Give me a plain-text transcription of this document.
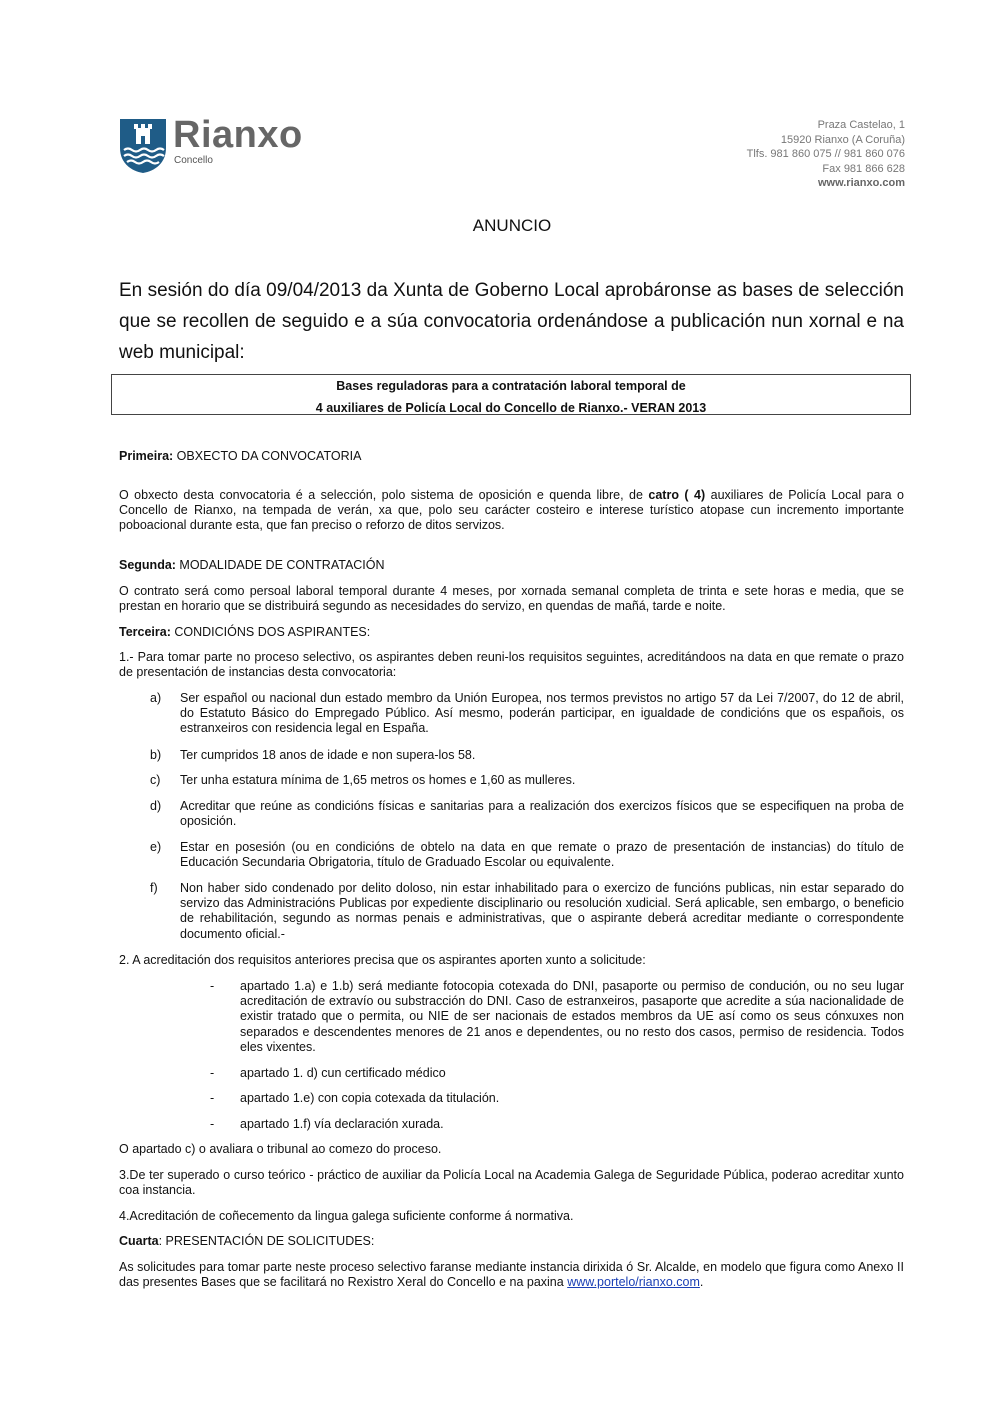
Rianxo
Concello
Praza Castelao, 1
15920 Rianxo (A Coruña)
Tlfs. 981 860 075 // 981 860 076
Fax 981 866 628
www.rianxo.com
ANUNCIO
En sesión do día 09/04/2013 da Xunta de Goberno Local aprobáronse as bases de selección que se recollen de seguido e a súa convocatoria ordenándose a publicación nun xornal e na web municipal:
Bases reguladoras para a contratación laboral temporal de
4 auxiliares de Policía Local do Concello de Rianxo.- VERAN 2013
Primeira: OBXECTO DA CONVOCATORIA
O obxecto desta convocatoria é a selección, polo sistema de oposición e quenda libre, de catro ( 4) auxiliares de Policía Local para o Concello de Rianxo, na tempada de verán, xa que, polo seu carácter costeiro e interese turístico atopase cun incremento importante poboacional durante esta, que fan preciso o reforzo de ditos servizos.
Segunda: MODALIDADE DE CONTRATACIÓN
O contrato será como persoal laboral temporal durante 4 meses, por xornada semanal completa de trinta e sete horas e media, que se prestan en horario que se distribuirá segundo as necesidades do servizo, en quendas de mañá, tarde e noite.
Terceira: CONDICIÓNS DOS ASPIRANTES:
1.- Para tomar parte no proceso selectivo, os aspirantes deben reuni-los requisitos seguintes, acreditándoos na data en que remate o prazo de presentación de instancias desta convocatoria:
a) Ser español ou nacional dun estado membro da Unión Europea, nos termos previstos no artigo 57 da Lei 7/2007, do 12 de abril, do Estatuto Básico do Empregado Público. Así mesmo, poderán participar, en igualdade de condicións que os españois, os estranxeiros con residencia legal en España.
b) Ter cumpridos 18 anos de idade e non supera-los 58.
c) Ter unha estatura mínima de 1,65 metros os homes e 1,60 as mulleres.
d) Acreditar que reúne as condicións físicas e sanitarias para a realización dos exercizos físicos que se especifiquen na proba de oposición.
e) Estar en posesión (ou en condicións de obtelo na data en que remate o prazo de presentación de instancias) do título de Educación Secundaria Obrigatoria, título de Graduado Escolar ou equivalente.
f) Non haber sido condenado por delito doloso, nin estar inhabilitado para o exercizo de funcións publicas, nin estar separado do servizo das Administracións Publicas por expediente disciplinario ou resolución xudicial. Será aplicable, sen embargo, o beneficio de rehabilitación, segundo as normas penais e administrativas, que o aspirante deberá acreditar mediante o correspondente documento oficial.-
2. A acreditación dos requisitos anteriores precisa que os aspirantes aporten xunto a solicitude:
- apartado 1.a) e 1.b) será mediante fotocopia cotexada do DNI, pasaporte ou permiso de condución, ou no seu lugar acreditación de extravío ou substracción do DNI. Caso de estranxeiros, pasaporte que acredite a súa nacionalidade de existir tratado que o permita, ou NIE de ser nacionais de estados membros da UE así como os seus cónxuxes non separados e descendentes menores de 21 anos e dependentes, ou no resto dos casos, permiso de residencia. Todos eles vixentes.
- apartado 1. d) cun certificado médico
- apartado 1.e) con copia cotexada da titulación.
- apartado 1.f) vía declaración xurada.
O apartado c) o avaliara o tribunal ao comezo do proceso.
3.De ter superado o curso teórico - práctico de auxiliar da Policía Local na Academia Galega de Seguridade Pública, poderao acreditar xunto coa instancia.
4.Acreditación de coñecemento da lingua galega suficiente conforme á normativa.
Cuarta: PRESENTACIÓN DE SOLICITUDES:
As solicitudes para tomar parte neste proceso selectivo faranse mediante instancia dirixida ó Sr. Alcalde, en modelo que figura como Anexo II das presentes Bases que se facilitará no Rexistro Xeral do Concello e na paxina www.portelo/rianxo.com.
